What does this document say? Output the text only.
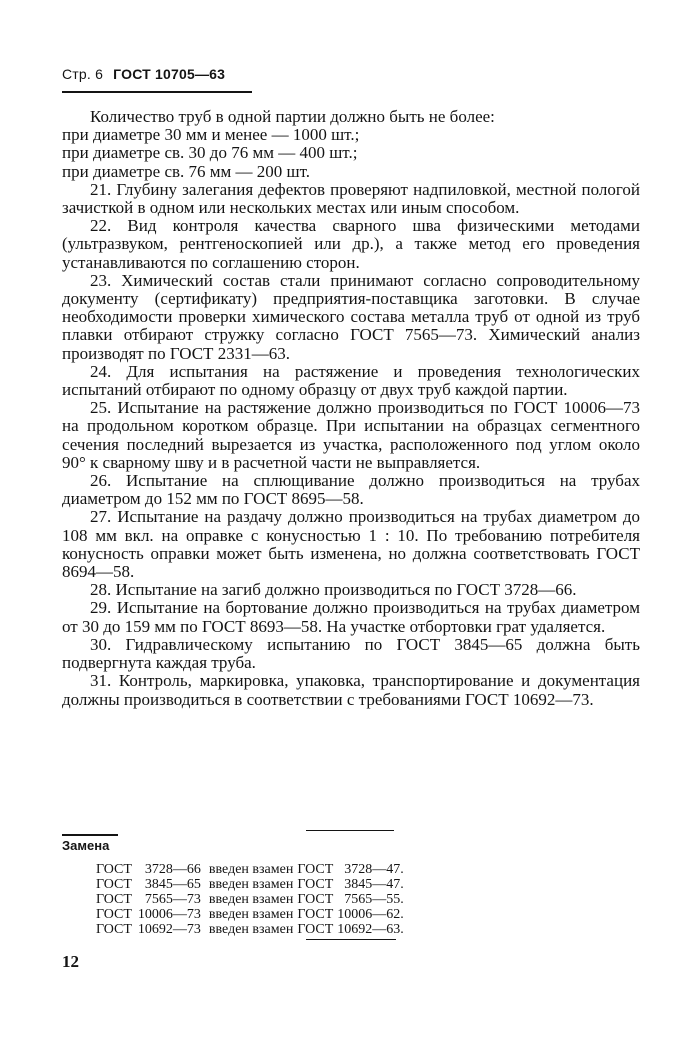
Стр. 6 ГОСТ 10705—63

Количество труб в одной партии должно быть не более:

при диаметре 30 мм и менее — 1000 шт.;

при диаметре св. 30 до 76 мм — 400 шт.;

при диаметре св. 76 мм — 200 шт.

21. Глубину залегания дефектов проверяют надпиловкой, местной пологой зачисткой в одном или нескольких местах или иным способом.

22. Вид контроля качества сварного шва физическими методами (ультразвуком, рентгеноскопией или др.), а также метод его проведения устанавливаются по соглашению сторон.

23. Химический состав стали принимают согласно сопроводительному документу (сертификату) предприятия-поставщика заготовки. В случае необходимости проверки химического состава металла труб от одной из труб плавки отбирают стружку согласно ГОСТ 7565—73. Химический анализ производят по ГОСТ 2331—63.

24. Для испытания на растяжение и проведения технологических испытаний отбирают по одному образцу от двух труб каждой партии.

25. Испытание на растяжение должно производиться по ГОСТ 10006—73 на продольном коротком образце. При испытании на образцах сегментного сечения последний вырезается из участка, расположенного под углом около 90° к сварному шву и в расчетной части не выправляется.

26. Испытание на сплющивание должно производиться на трубах диаметром до 152 мм по ГОСТ 8695—58.

27. Испытание на раздачу должно производиться на трубах диаметром до 108 мм вкл. на оправке с конусностью 1 : 10. По требованию потребителя конусность оправки может быть изменена, но должна соответствовать ГОСТ 8694—58.

28. Испытание на загиб должно производиться по ГОСТ 3728—66.

29. Испытание на бортование должно производиться на трубах диаметром от 30 до 159 мм по ГОСТ 8693—58. На участке отбортовки грат удаляется.

30. Гидравлическому испытанию по ГОСТ 3845—65 должна быть подвергнута каждая труба.

31. Контроль, маркировка, упаковка, транспортирование и документация должны производиться в соответствии с требованиями ГОСТ 10692—73.

Замена
ГОСТ	3728—66	введен взамен	ГОСТ	3728—47.
ГОСТ	3845—65	введен взамен	ГОСТ	3845—47.
ГОСТ	7565—73	введен взамен	ГОСТ	7565—55.
ГОСТ	10006—73	введен взамен	ГОСТ	10006—62.
ГОСТ	10692—73	введен взамен	ГОСТ	10692—63.
12
